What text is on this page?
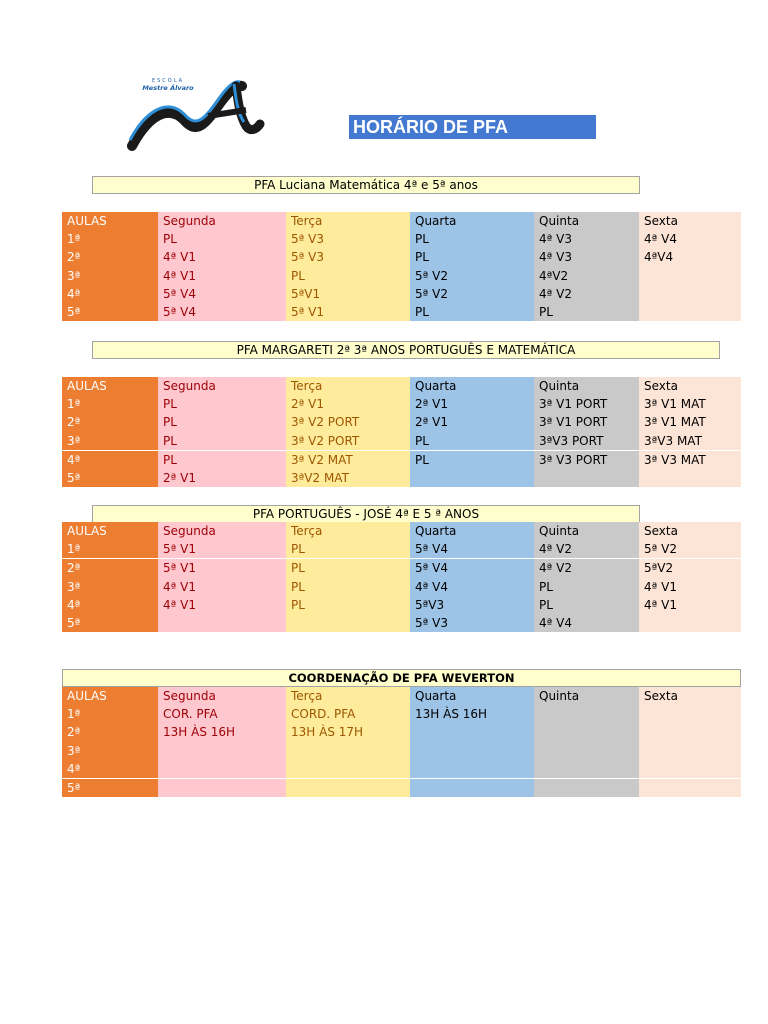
ESCOLA
Mestre Álvaro
HORÁRIO DE PFA
PFA Luciana Matemática 4ª e 5ª anos
AULAS	Segunda	Terça	Quarta	Quinta	Sexta
1ª	PL	5ª V3	PL	4ª V3	4ª V4
2ª	4ª V1	5ª V3	PL	4ª V3	4ªV4
3ª	4ª V1	PL	5ª V2	4ªV2	
4ª	5ª V4	5ªV1	5ª V2	4ª V2	
5ª	5ª V4	5ª V1	PL	PL	
PFA MARGARETI 2ª 3ª ANOS PORTUGUÊS E MATEMÁTICA
AULAS	Segunda	Terça	Quarta	Quinta	Sexta
1ª	PL	2ª V1	2ª V1	3ª V1 PORT	3ª V1 MAT
2ª	PL	3ª V2 PORT	2ª V1	3ª V1 PORT	3ª V1 MAT
3ª	PL	3ª V2 PORT	PL	3ªV3 PORT	3ªV3 MAT
4ª	PL	3ª V2 MAT	PL	3ª V3 PORT	3ª V3 MAT
5ª	2ª V1	3ªV2 MAT			
PFA PORTUGUÊS - JOSÉ 4ª E 5 ª ANOS
AULAS	Segunda	Terça	Quarta	Quinta	Sexta
1ª	5ª V1	PL	5ª V4	4ª V2	5ª V2
2ª	5ª V1	PL	5ª V4	4ª V2	5ªV2
3ª	4ª V1	PL	4ª V4	PL	4ª V1
4ª	4ª V1	PL	5ªV3	PL	4ª V1
5ª			5ª V3	4ª V4	
COORDENAÇÃO DE PFA WEVERTON
AULAS	Segunda	Terça	Quarta	Quinta	Sexta
1ª	COR. PFA	CORD. PFA	13H ÀS 16H		
2ª	13H ÀS 16H	13H ÀS 17H			
3ª					
4ª					
5ª					
